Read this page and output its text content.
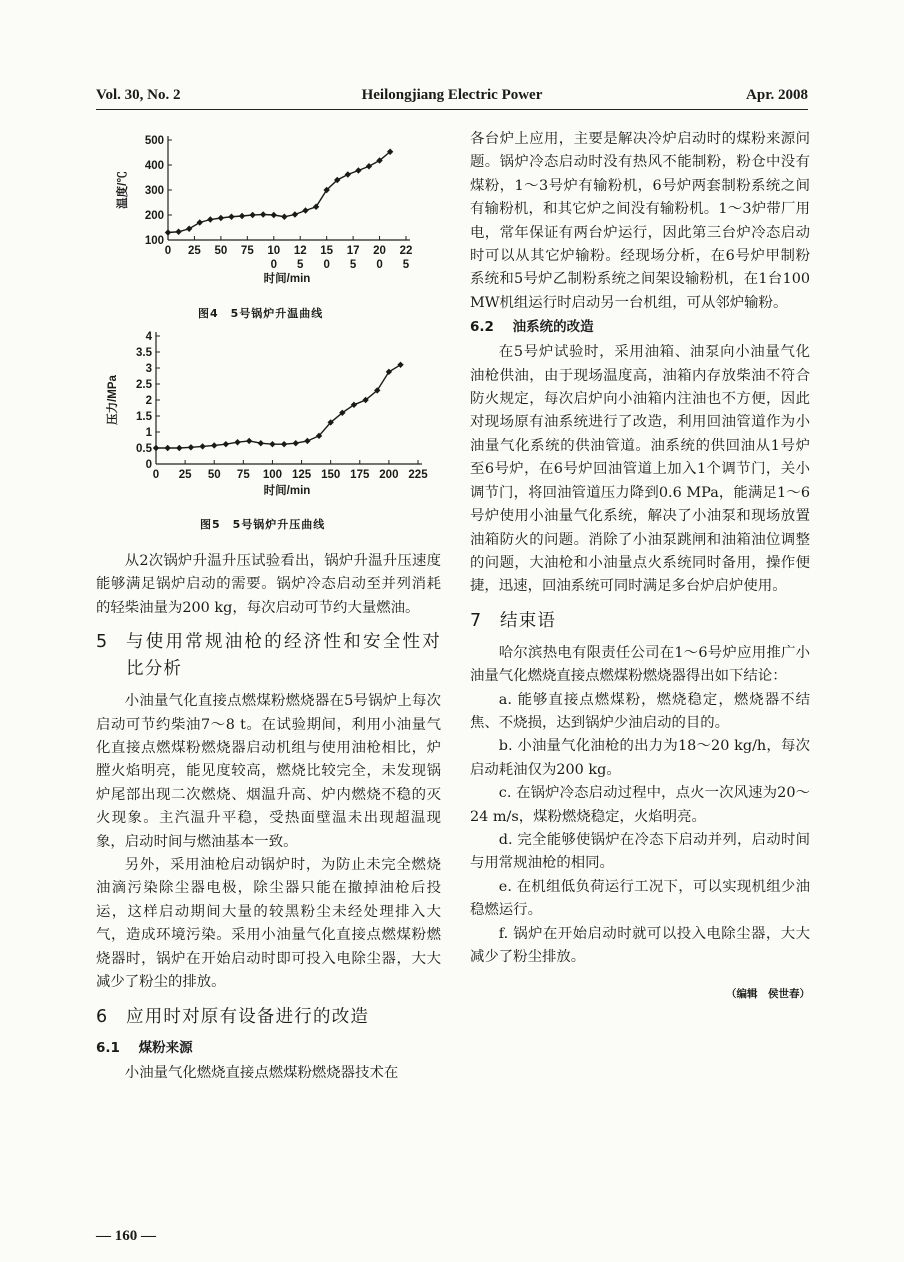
Vol. 30, No. 2	Heilongjiang Electric Power	Apr. 2008
100
200
300
400
500
0 25 50 75 10
0
12
5
15
0
17
5
20
0
22
5
时间/min
温度/℃
图4　5号锅炉升温曲线
0
0.5
1
1.5
2
2.5
3
3.5
4
0 25 50 75 100 125 150 175 200 225
时间/min
压力/MPa
图5　5号锅炉升压曲线

从2次锅炉升温升压试验看出，锅炉升温升压速度能够满足锅炉启动的需要。锅炉冷态启动至并列消耗的轻柴油量为200 kg，每次启动可节约大量燃油。

5	与使用常规油枪的经济性和安全性对比分析

小油量气化直接点燃煤粉燃烧器在5号锅炉上每次启动可节约柴油7～8 t。在试验期间，利用小油量气化直接点燃煤粉燃烧器启动机组与使用油枪相比，炉膛火焰明亮，能见度较高，燃烧比较完全，未发现锅炉尾部出现二次燃烧、烟温升高、炉内燃烧不稳的灭火现象。主汽温升平稳，受热面壁温未出现超温现象，启动时间与燃油基本一致。

另外，采用油枪启动锅炉时，为防止未完全燃烧油滴污染除尘器电极，除尘器只能在撤掉油枪后投运，这样启动期间大量的较黑粉尘未经处理排入大气，造成环境污染。采用小油量气化直接点燃煤粉燃烧器时，锅炉在开始启动时即可投入电除尘器，大大减少了粉尘的排放。

6	应用时对原有设备进行的改造
6.1 煤粉来源

小油量气化燃烧直接点燃煤粉燃烧器技术在

各台炉上应用，主要是解决冷炉启动时的煤粉来源问题。锅炉冷态启动时没有热风不能制粉，粉仓中没有煤粉，1～3号炉有输粉机，6号炉两套制粉系统之间有输粉机，和其它炉之间没有输粉机。1～3炉带厂用电，常年保证有两台炉运行，因此第三台炉冷态启动时可以从其它炉输粉。经现场分析，在6号炉甲制粉系统和5号炉乙制粉系统之间架设输粉机，在1台100 MW机组运行时启动另一台机组，可从邻炉输粉。

6.2 油系统的改造

在5号炉试验时，采用油箱、油泵向小油量气化油枪供油，由于现场温度高，油箱内存放柴油不符合防火规定，每次启炉向小油箱内注油也不方便，因此对现场原有油系统进行了改造，利用回油管道作为小油量气化系统的供油管道。油系统的供回油从1号炉至6号炉，在6号炉回油管道上加入1个调节门，关小调节门，将回油管道压力降到0.6 MPa，能满足1～6号炉使用小油量气化系统，解决了小油泵和现场放置油箱防火的问题。消除了小油泵跳闸和油箱油位调整的问题，大油枪和小油量点火系统同时备用，操作便捷，迅速，回油系统可同时满足多台炉启炉使用。

7	结束语

哈尔滨热电有限责任公司在1～6号炉应用推广小油量气化燃烧直接点燃煤粉燃烧器得出如下结论：

a. 能够直接点燃煤粉，燃烧稳定，燃烧器不结焦、不烧损，达到锅炉少油启动的目的。

b. 小油量气化油枪的出力为18～20 kg/h，每次启动耗油仅为200 kg。

c. 在锅炉冷态启动过程中，点火一次风速为20～24 m/s，煤粉燃烧稳定，火焰明亮。

d. 完全能够使锅炉在冷态下启动并列，启动时间与用常规油枪的相同。

e. 在机组低负荷运行工况下，可以实现机组少油稳燃运行。

f. 锅炉在开始启动时就可以投入电除尘器，大大减少了粉尘排放。

（编辑　侯世春）
— 160 —
